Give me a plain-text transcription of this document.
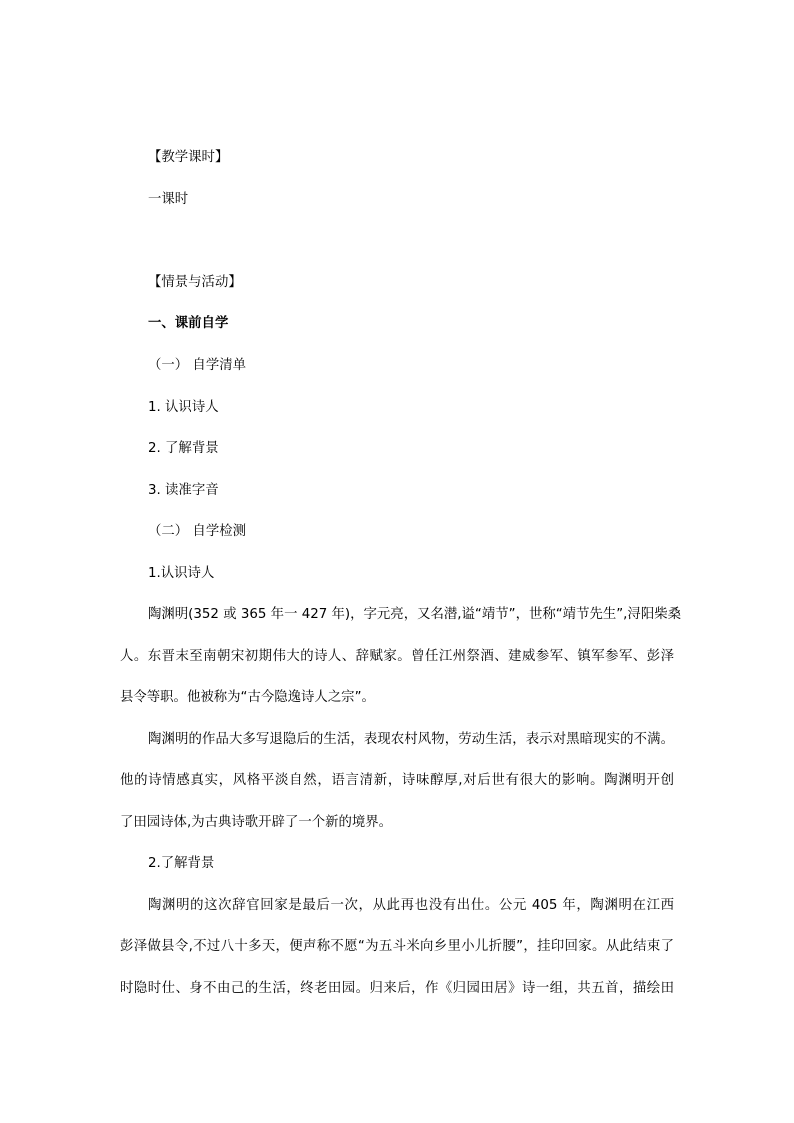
【教学课时】
一课时
【情景与活动】
一、课前自学
（一） 自学清单
1. 认识诗人
2. 了解背景
3. 读准字音
（二） 自学检测
1.认识诗人
陶渊明(352 或 365 年一 427 年)，字元亮，又名潜,谥“靖节”，世称“靖节先生”,浔阳柴桑
人。东晋末至南朝宋初期伟大的诗人、辞赋家。曾任江州祭酒、建威参军、镇军参军、彭泽
县令等职。他被称为“古今隐逸诗人之宗”。
陶渊明的作品大多写退隐后的生活，表现农村风物，劳动生活，表示对黑暗现实的不满。
他的诗情感真实，风格平淡自然，语言清新，诗味醇厚,对后世有很大的影响。陶渊明开创
了田园诗体,为古典诗歌开辟了一个新的境界。
2.了解背景
陶渊明的这次辞官回家是最后一次，从此再也没有出仕。公元 405 年，陶渊明在江西
彭泽做县令,不过八十多天，便声称不愿“为五斗米向乡里小儿折腰”，挂印回家。从此结束了
时隐时仕、身不由己的生活，终老田园。归来后，作《归园田居》诗一组，共五首，描绘田
